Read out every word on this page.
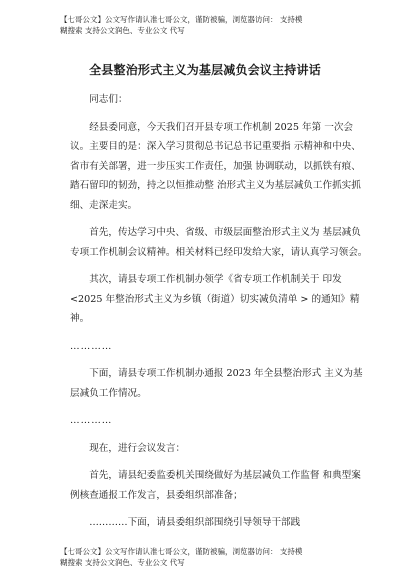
【七哥公文】公文写作请认准七哥公文，谨防被骗，浏览器访问： 支持模
糊搜索 支持公文润色、专业公文 代写
全县整治形式主义为基层减负会议主持讲话

同志们：

经县委同意，今天我们召开县专项工作机制 2025 年第 一次会议。主要目的是：深入学习贯彻总书记总书记重要指 示精神和中央、省市有关部署，进一步压实工作责任，加强 协调联动，以抓铁有痕、踏石留印的韧劲，持之以恒推动整 治形式主义为基层减负工作抓实抓细、走深走实。

首先，传达学习中央、省级、市级层面整治形式主义为 基层减负专项工作机制会议精神。相关材料已经印发给大家，请认真学习领会。

其次，请县专项工作机制办领学《省专项工作机制关于 印发<2025 年整治形式主义为乡镇（街道）切实减负清单 > 的通知》精神。

…………

下面，请县专项工作机制办通报 2023 年全县整治形式 主义为基层减负工作情况。

…………

现在，进行会议发言：

首先，请县纪委监委机关围绕做好为基层减负工作监督 和典型案例核查通报工作发言，县委组织部准备；

…………下面，请县委组织部围绕引导领导干部践

【七哥公文】公文写作请认准七哥公文，谨防被骗，浏览器访问： 支持模
糊搜索 支持公文润色、专业公文 代写
